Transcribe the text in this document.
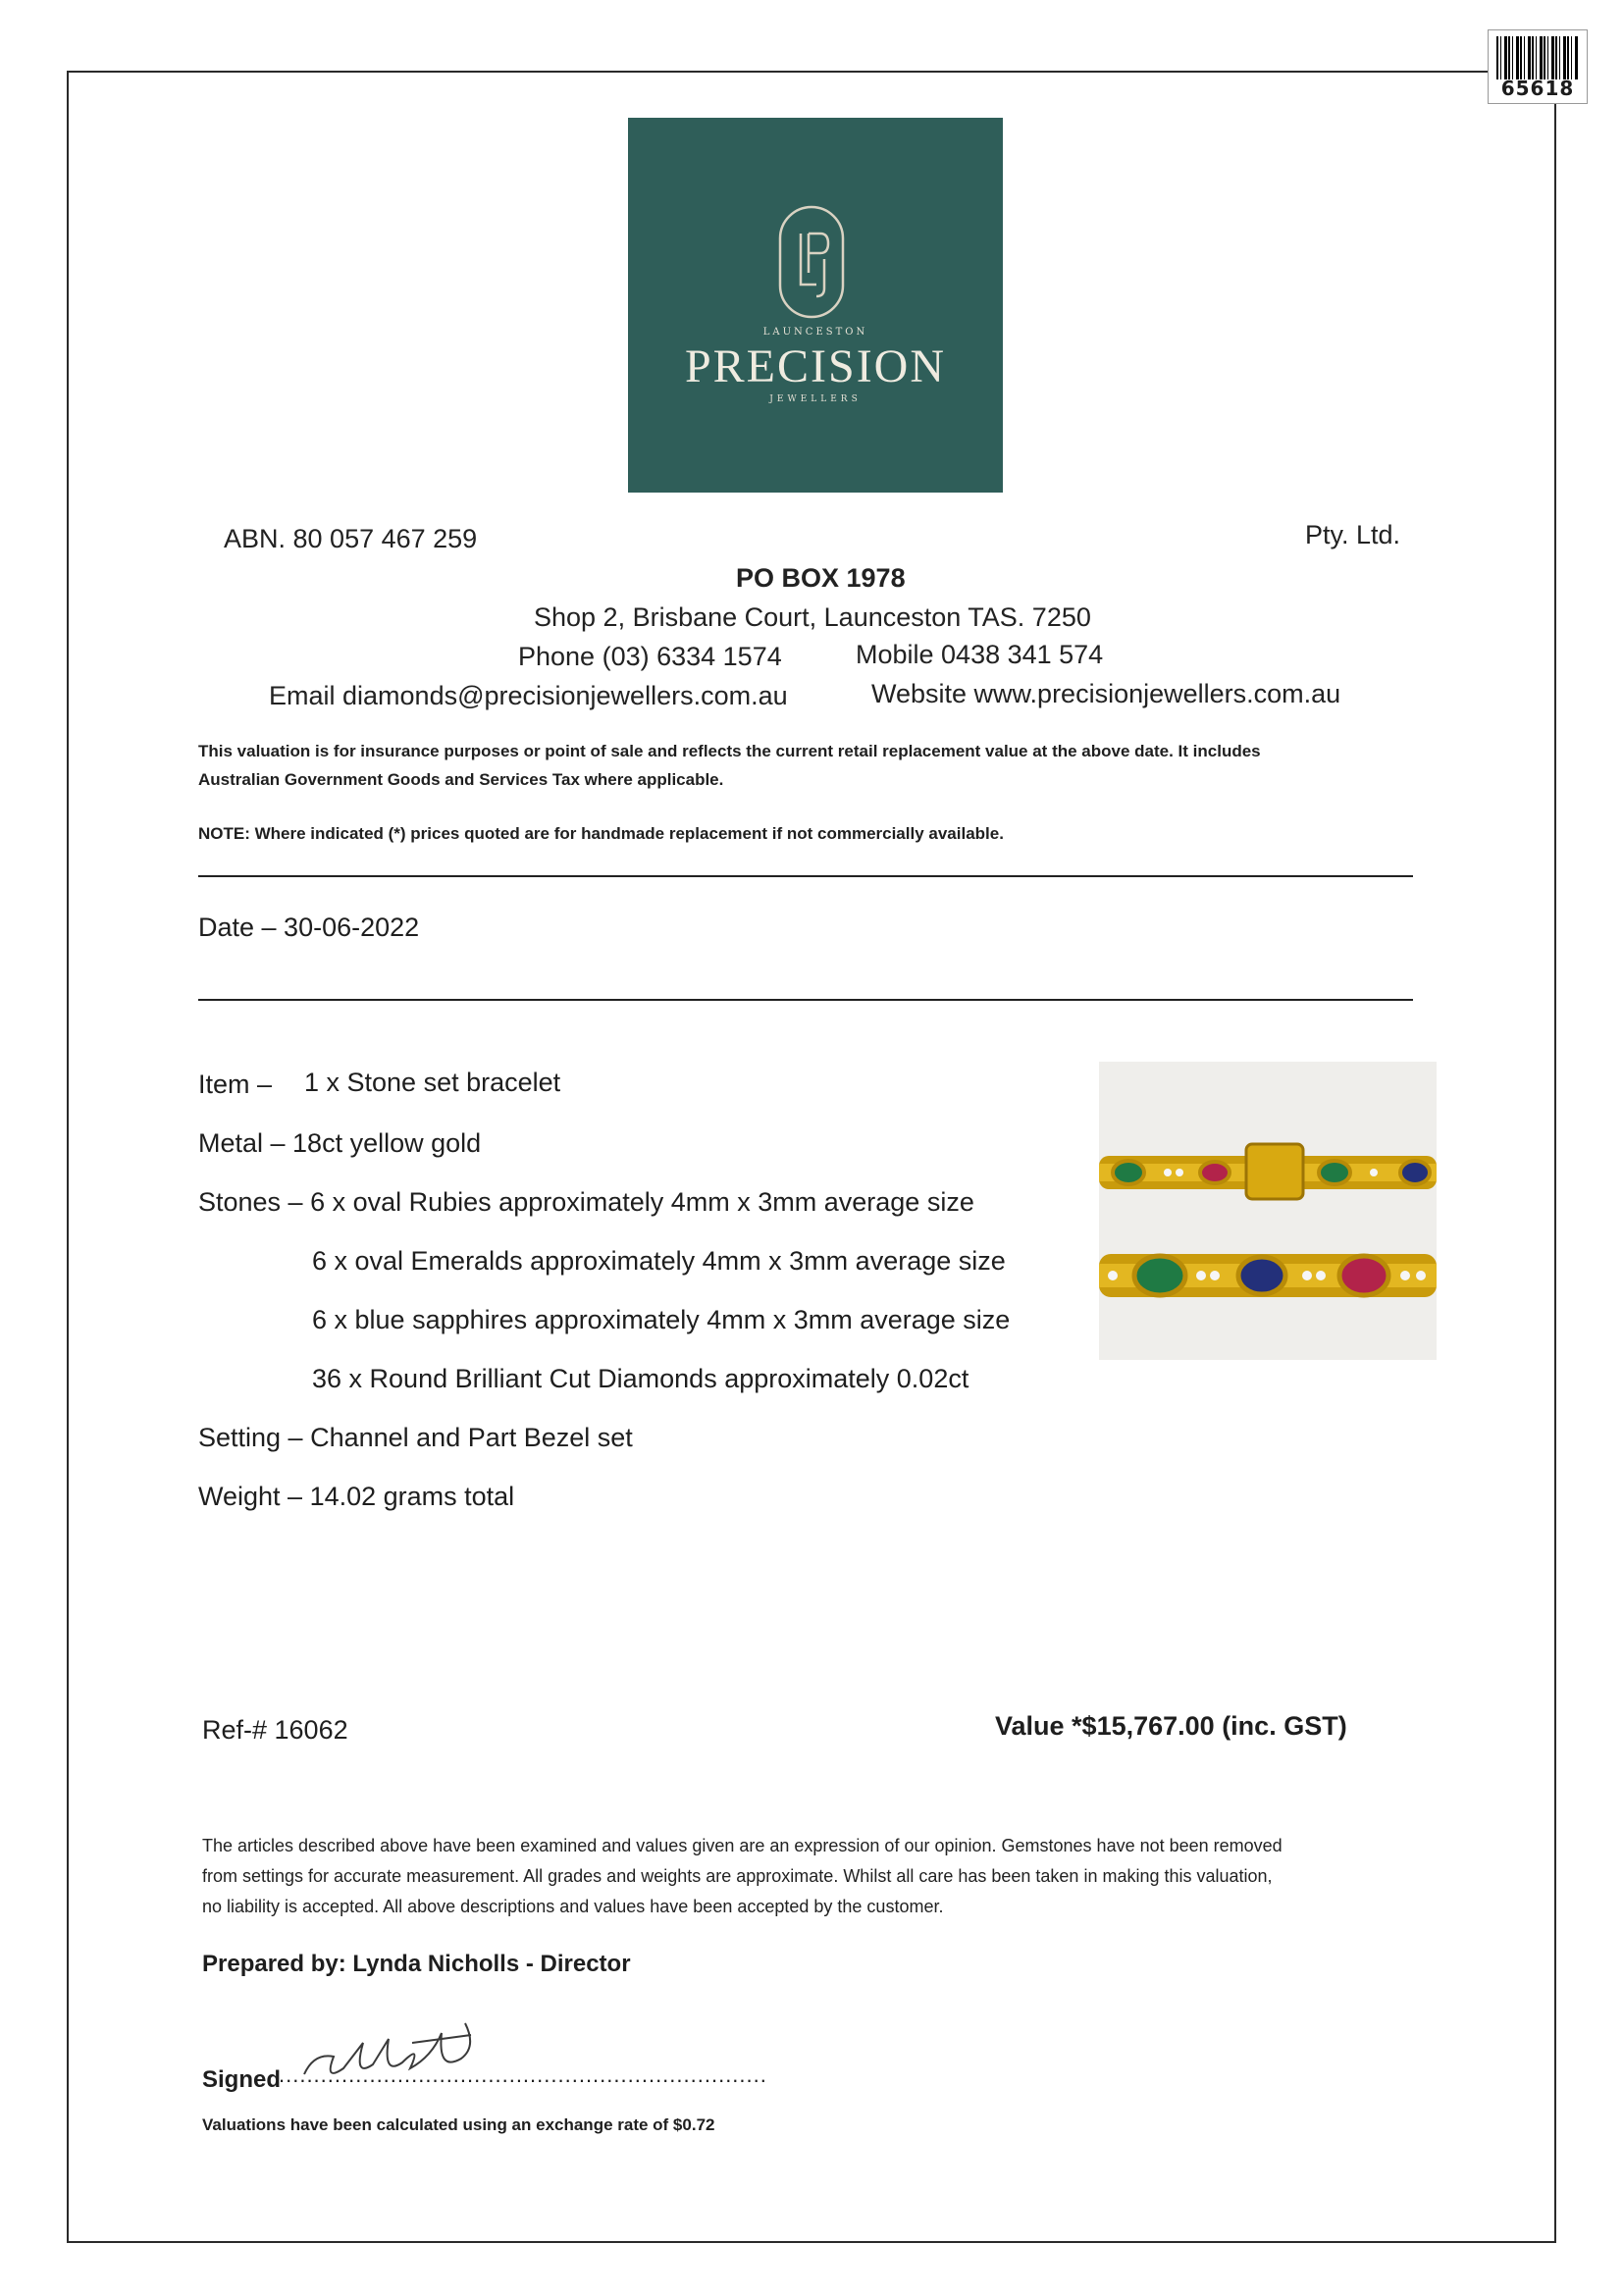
65618
LAUNCESTON
PRECISION
JEWELLERS
ABN. 80 057 467 259	Pty. Ltd.
PO BOX 1978
Shop 2, Brisbane Court, Launceston TAS. 7250
Phone (03) 6334 1574	Mobile 0438 341 574
Email diamonds@precisionjewellers.com.au	Website www.precisionjewellers.com.au
This valuation is for insurance purposes or point of sale and reflects the current retail replacement value at the above date. It includes
Australian Government Goods and Services Tax where applicable.
NOTE: Where indicated (*) prices quoted are for handmade replacement if not commercially available.
Date – 30-06-2022
Item – 1 x Stone set bracelet
Metal – 18ct yellow gold
Stones – 6 x oval Rubies approximately 4mm x 3mm average size
6 x oval Emeralds approximately 4mm x 3mm average size
6 x blue sapphires approximately 4mm x 3mm average size
36 x Round Brilliant Cut Diamonds approximately 0.02ct
Setting – Channel and Part Bezel set
Weight – 14.02 grams total
Ref-# 16062	Value *$15,767.00 (inc. GST)
The articles described above have been examined and values given are an expression of our opinion. Gemstones have not been removed
from settings for accurate measurement. All grades and weights are approximate. Whilst all care has been taken in making this valuation,
no liability is accepted. All above descriptions and values have been accepted by the customer.
Prepared by: Lynda Nicholls - Director
Signed
......................................................................
Valuations have been calculated using an exchange rate of $0.72
